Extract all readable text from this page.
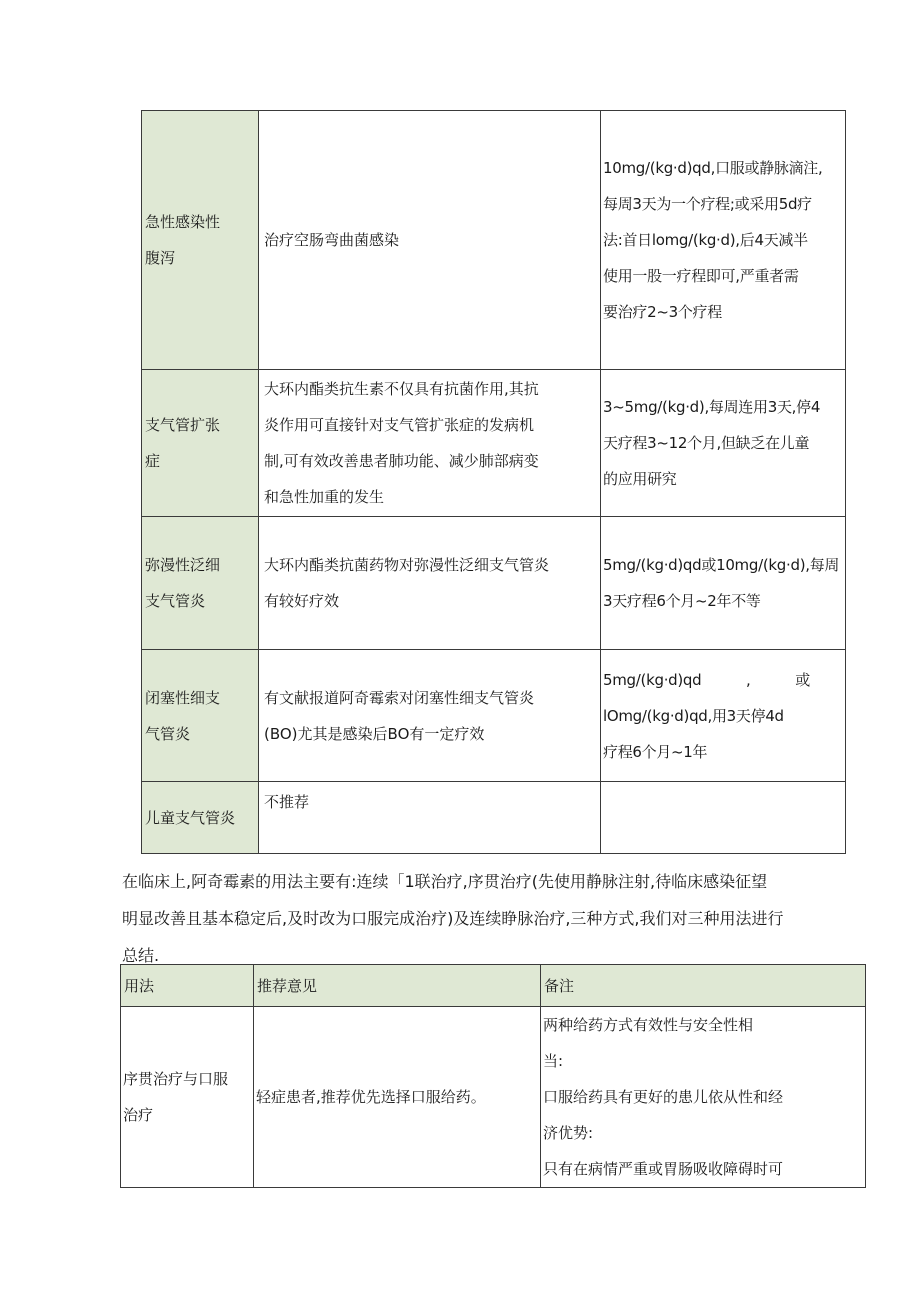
急性感染性
腹泻	治疗空肠弯曲菌感染	10mg/(kg·d)qd,口服或静脉滴注,
每周3天为一个疗程;或采用5d疗
法:首日lomg/(kg·d),后4天减半
使用一股一疗程即可,严重者需
要治疗2~3个疗程

支气管扩张
症	大环内酯类抗生素不仅具有抗菌作用,其抗
炎作用可直接针对支气管扩张症的发病机
制,可有效改善患者肺功能、减少肺部病变
和急性加重的发生	3~5mg/(kg·d),每周连用3天,停4
天疗程3~12个月,但缺乏在儿童
的应用研究

弥漫性泛细
支气管炎	大环内酯类抗菌药物对弥漫性泛细支气管炎
有较好疗效	5mg/(kg·d)qd或10mg/(kg·d),每周
3天疗程6个月~2年不等

闭塞性细支
气管炎	有文献报道阿奇霉索对闭塞性细支气管炎
(BO)尤其是感染后BO有一定疗效	5mg/(kg·d)qd          ,          或
lOmg/(kg·d)qd,用3天停4d
疗程6个月~1年

儿童支气管炎	不推荐	

在临床上,阿奇霉素的用法主要有:连续「1联治疗,序贯治疗(先使用静脉注射,待临床感染征望
明显改善且基本稳定后,及时改为口服完成治疗)及连续睁脉治疗,三种方式,我们对三种用法进行
总结.
用法	推荐意见	备注

序贯治疗与口服
治疗	轻症患者,推荐优先选择口服给药。	两种给药方式有效性与安全性相
当:
口服给药具有更好的患儿依从性和经
济优势:
只有在病情严重或胃肠吸收障碍时可
